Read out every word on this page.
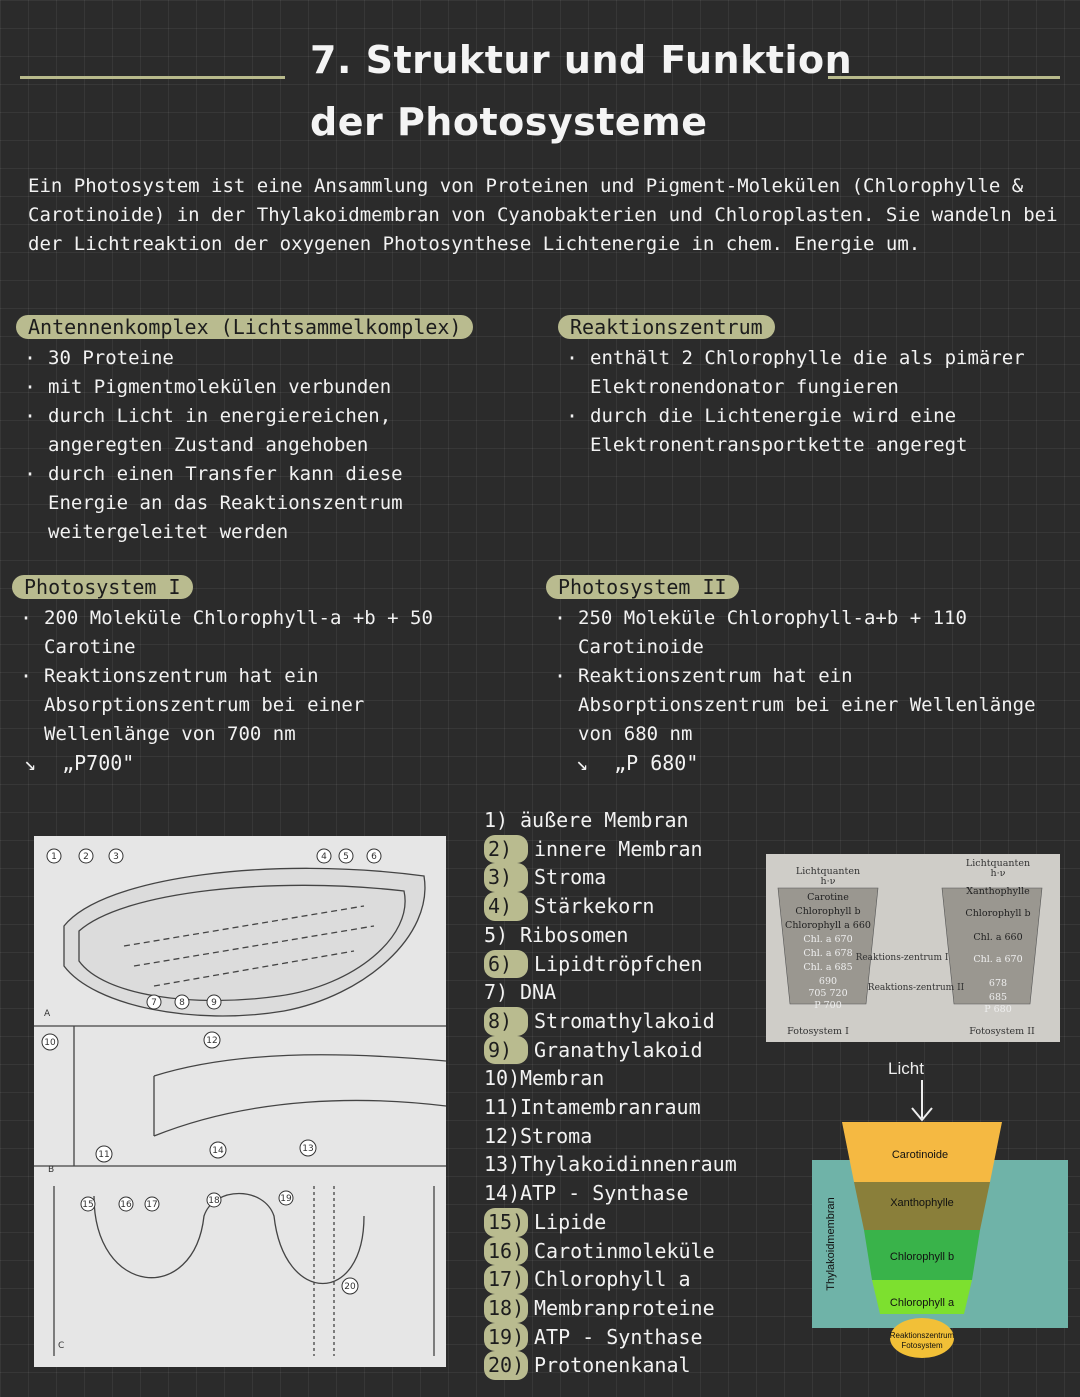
7. Struktur und Funktion
der Photosysteme
Ein Photosystem ist eine Ansammlung von Proteinen und Pigment-Molekülen (Chlorophylle & Carotinoide) in der Thylakoidmembran von Cyanobakterien und Chloroplasten. Sie wandeln bei der Lichtreaktion der oxygenen Photosynthese Lichtenergie in chem. Energie um.
Antennenkomplex (Lichtsammelkomplex)
· 30 Proteine
· mit Pigmentmolekülen verbunden
· durch Licht in energiereichen, angeregten Zustand angehoben
· durch einen Transfer kann diese Energie an das Reaktionszentrum weitergeleitet werden
Reaktionszentrum
· enthält 2 Chlorophylle die als pimärer Elektronendonator fungieren
· durch die Lichtenergie wird eine Elektronentransportkette angeregt
Photosystem I
· 200 Moleküle Chlorophyll-a +b + 50 Carotine
· Reaktionszentrum hat ein Absorptionszentrum bei einer Wellenlänge von 700 nm
↘ „P700"
Photosystem II
· 250 Moleküle Chlorophyll-a+b + 110 Carotinoide
· Reaktionszentrum hat ein Absorptionszentrum bei einer Wellenlänge von 680 nm
↘ „P 680"
1	2	3	4 5 6
7 8	9
10
11
12
13
14
15	16 17	18	19
20
A
B
C
1) äußere Membran
2)	innere Membran
3)	Stroma
4)	Stärkekorn
5) Ribosomen
6)	Lipidtröpfchen
7) DNA
8)	Stromathylakoid
9)	Granathylakoid
10) Membran
11) Intamembranraum
12) Stroma
13) Thylakoidinnenraum
14) ATP - Synthase
15) Lipide
16) Carotinmoleküle
17) Chlorophyll a
18) Membranproteine
19) ATP - Synthase
20) Protonenkanal
Lichtquanten
h·ν
Carotine
Chlorophyll b
Chlorophyll a 660
Chl. a 670
Chl. a 678
Chl. a 685
690
705 720
P 700
Fotosystem I
Lichtquanten
h·ν
Xanthophylle
Chlorophyll b
Chl. a 660
Chl. a 670
678
685
P 680
Fotosystem II
Reaktions-zentrum I
Reaktions-zentrum II
Licht
Thylakoidmembran
Carotinoide
Xanthophylle
Chlorophyll b
Chlorophyll a
Reaktionszentrum
Fotosystem
